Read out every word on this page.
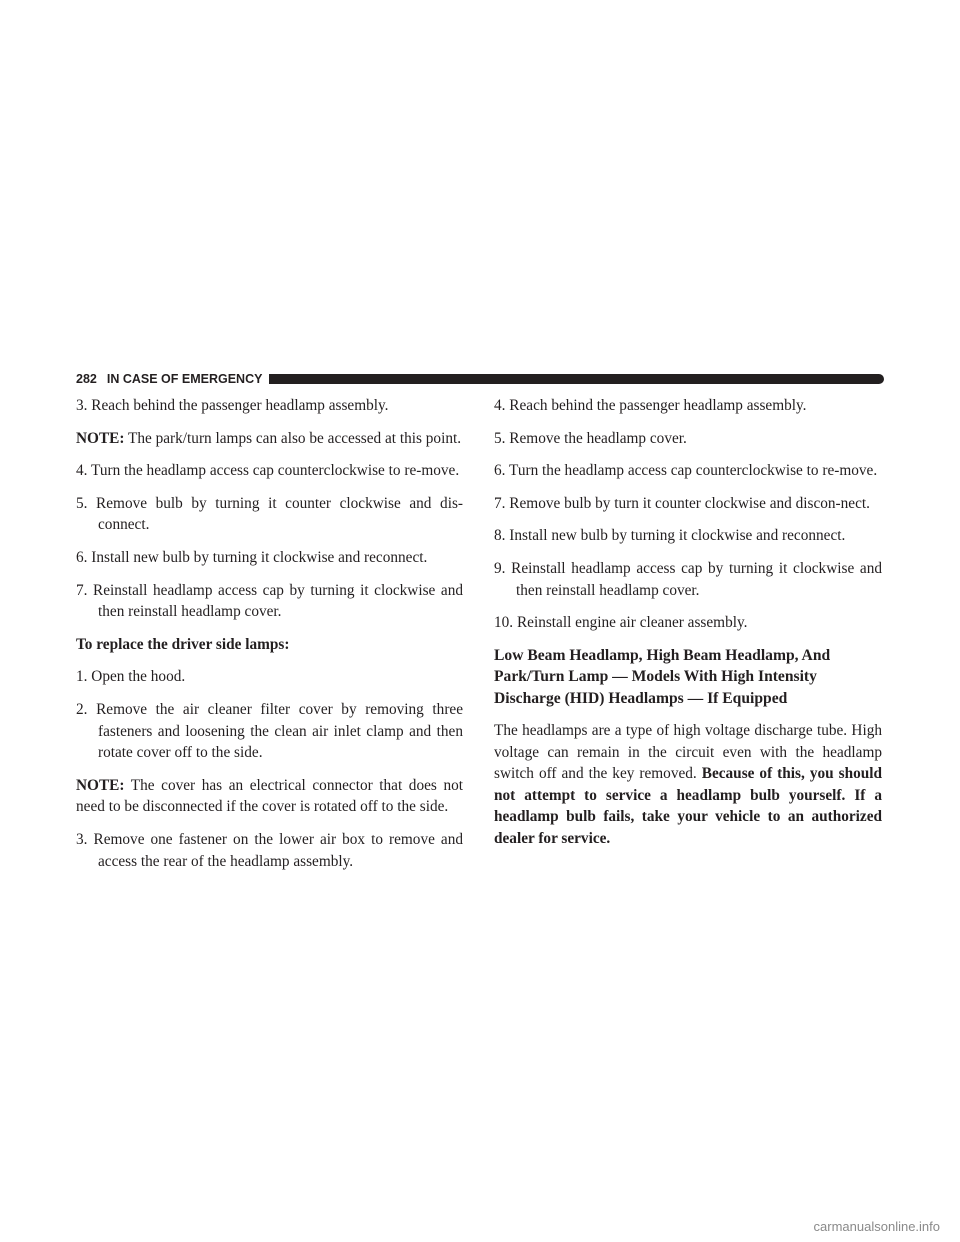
282 IN CASE OF EMERGENCY

3. Reach behind the passenger headlamp assembly.

NOTE: The park/turn lamps can also be accessed at this point.

4. Turn the headlamp access cap counterclockwise to re-move.

5. Remove bulb by turning it counter clockwise and dis-connect.

6. Install new bulb by turning it clockwise and reconnect.

7. Reinstall headlamp access cap by turning it clockwise and then reinstall headlamp cover.

To replace the driver side lamps:

1. Open the hood.

2. Remove the air cleaner filter cover by removing three fasteners and loosening the clean air inlet clamp and then rotate cover off to the side.

NOTE: The cover has an electrical connector that does not need to be disconnected if the cover is rotated off to the side.

3. Remove one fastener on the lower air box to remove and access the rear of the headlamp assembly.

4. Reach behind the passenger headlamp assembly.

5. Remove the headlamp cover.

6. Turn the headlamp access cap counterclockwise to re-move.

7. Remove bulb by turn it counter clockwise and discon-nect.

8. Install new bulb by turning it clockwise and reconnect.

9. Reinstall headlamp access cap by turning it clockwise and then reinstall headlamp cover.

10. Reinstall engine air cleaner assembly.

Low Beam Headlamp, High Beam Headlamp, And Park/Turn Lamp — Models With High Intensity Discharge (HID) Headlamps — If Equipped

The headlamps are a type of high voltage discharge tube. High voltage can remain in the circuit even with the headlamp switch off and the key removed. Because of this, you should not attempt to service a headlamp bulb yourself. If a headlamp bulb fails, take your vehicle to an authorized dealer for service.

carmanualsonline.info
